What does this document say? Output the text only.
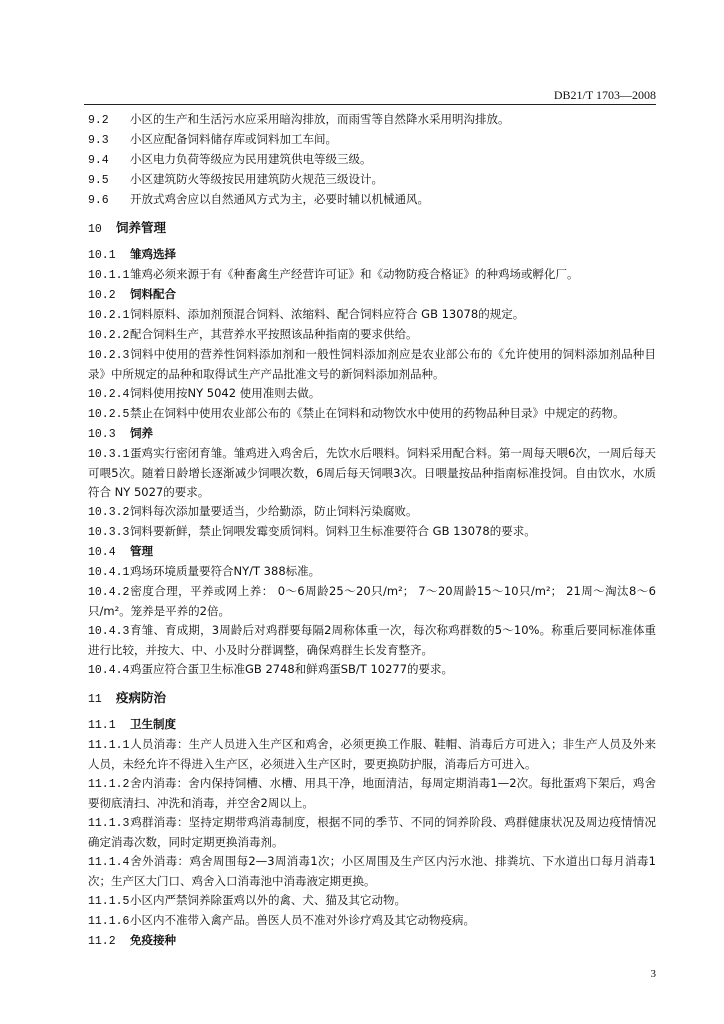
DB21/T 1703—2008
9.2 小区的生产和生活污水应采用暗沟排放，而雨雪等自然降水采用明沟排放。
9.3 小区应配备饲料储存库或饲料加工车间。
9.4 小区电力负荷等级应为民用建筑供电等级三级。
9.5 小区建筑防火等级按民用建筑防火规范三级设计。
9.6 开放式鸡舍应以自然通风方式为主，必要时辅以机械通风。
10 饲养管理
10.1 雏鸡选择
10.1.1雏鸡必须来源于有《种畜禽生产经营许可证》和《动物防疫合格证》的种鸡场或孵化厂。
10.2 饲料配合
10.2.1饲料原料、添加剂预混合饲料、浓缩料、配合饲料应符合 GB 13078的规定。
10.2.2配合饲料生产，其营养水平按照该品种指南的要求供给。
10.2.3饲料中使用的营养性饲料添加剂和一般性饲料添加剂应是农业部公布的《允许使用的饲料添加剂品种目录》中所规定的品种和取得试生产产品批准文号的新饲料添加剂品种。
10.2.4饲料使用按NY 5042 使用准则去做。
10.2.5禁止在饲料中使用农业部公布的《禁止在饲料和动物饮水中使用的药物品种目录》中规定的药物。
10.3 饲养
10.3.1蛋鸡实行密闭育雏。雏鸡进入鸡舍后，先饮水后喂料。饲料采用配合料。第一周每天喂6次，一周后每天可喂5次。随着日龄增长逐渐减少饲喂次数，6周后每天饲喂3次。日喂量按品种指南标准投饲。自由饮水，水质符合 NY 5027的要求。
10.3.2饲料每次添加量要适当，少给勤添，防止饲料污染腐败。
10.3.3饲料要新鲜，禁止饲喂发霉变质饲料。饲料卫生标准要符合 GB 13078的要求。
10.4 管理
10.4.1鸡场环境质量要符合NY/T 388标准。
10.4.2密度合理，平养或网上养： 0～6周龄25～20只/m²； 7～20周龄15～10只/m²； 21周～淘汰8～6只/m²。笼养是平养的2倍。
10.4.3育雏、育成期，3周龄后对鸡群要每隔2周称体重一次，每次称鸡群数的5～10%。称重后要同标准体重进行比较，并按大、中、小及时分群调整，确保鸡群生长发育整齐。
10.4.4鸡蛋应符合蛋卫生标准GB 2748和鲜鸡蛋SB/T 10277的要求。
11 疫病防治
11.1 卫生制度
11.1.1人员消毒：生产人员进入生产区和鸡舍，必须更换工作服、鞋帽、消毒后方可进入；非生产人员及外来人员，未经允许不得进入生产区，必须进入生产区时，要更换防护服，消毒后方可进入。
11.1.2舍内消毒：舍内保持饲槽、水槽、用具干净，地面清洁，每周定期消毒1—2次。每批蛋鸡下架后，鸡舍要彻底清扫、冲洗和消毒，并空舍2周以上。
11.1.3鸡群消毒：坚持定期带鸡消毒制度，根据不同的季节、不同的饲养阶段、鸡群健康状况及周边疫情情况确定消毒次数，同时定期更换消毒剂。
11.1.4舍外消毒：鸡舍周围每2—3周消毒1次；小区周围及生产区内污水池、排粪坑、下水道出口每月消毒1次；生产区大门口、鸡舍入口消毒池中消毒液定期更换。
11.1.5小区内严禁饲养除蛋鸡以外的禽、犬、猫及其它动物。
11.1.6小区内不准带入禽产品。兽医人员不准对外诊疗鸡及其它动物疫病。
11.2 免疫接种
3
